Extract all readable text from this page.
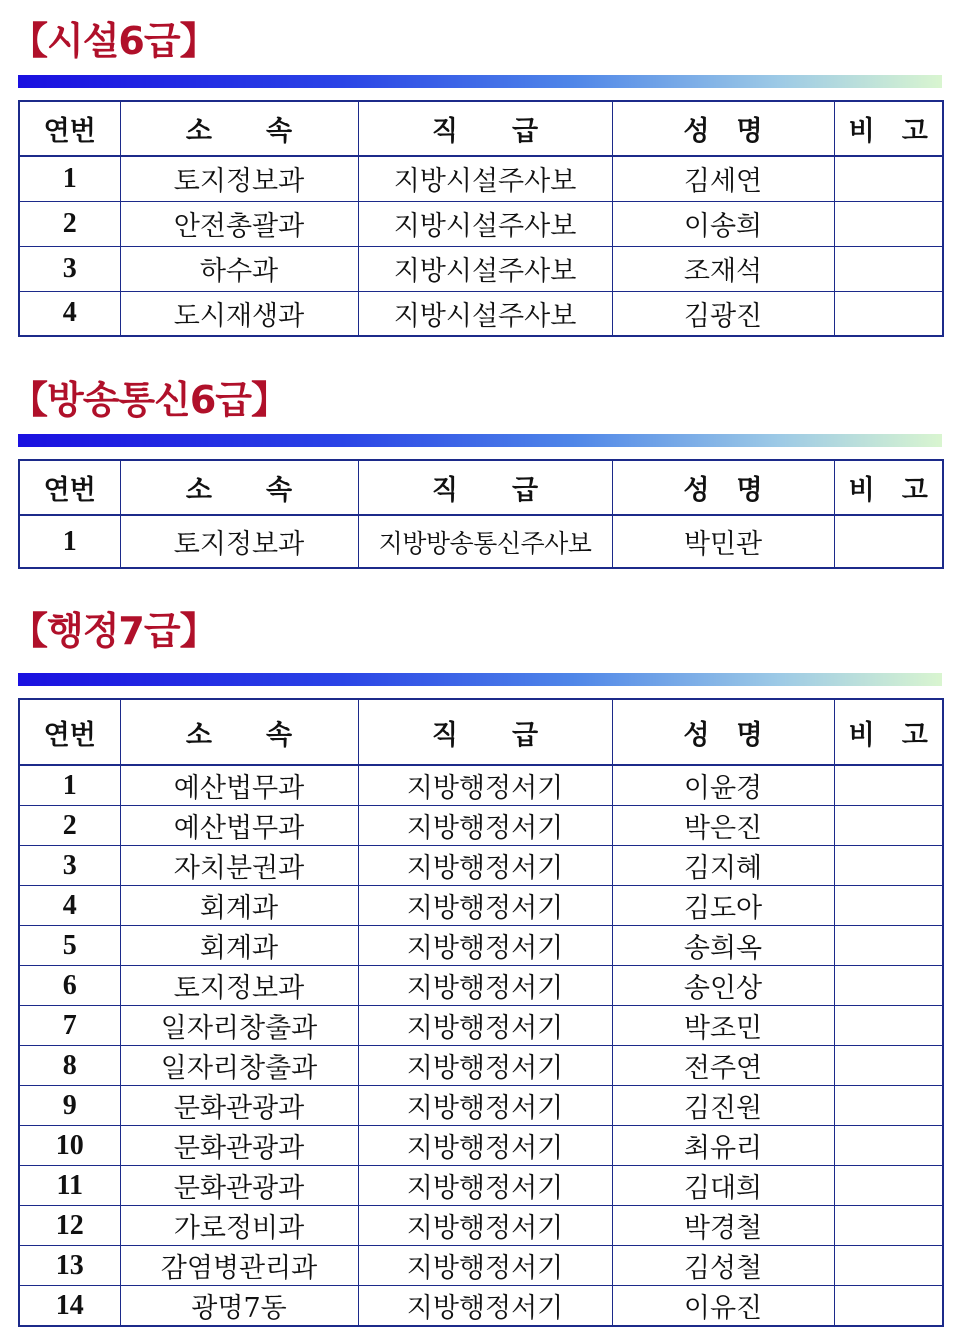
【시설6급】
연번	소　　속	직　　급	성　명	비　고
1	토지정보과	지방시설주사보	김세연	
2	안전총괄과	지방시설주사보	이송희	
3	하수과	지방시설주사보	조재석	
4	도시재생과	지방시설주사보	김광진	
【방송통신6급】
연번	소　　속	직　　급	성　명	비　고
1	토지정보과	지방방송통신주사보	박민관	
【행정7급】
연번	소　　속	직　　급	성　명	비　고
1	예산법무과	지방행정서기	이윤경	
2	예산법무과	지방행정서기	박은진	
3	자치분권과	지방행정서기	김지혜	
4	회계과	지방행정서기	김도아	
5	회계과	지방행정서기	송희옥	
6	토지정보과	지방행정서기	송인상	
7	일자리창출과	지방행정서기	박조민	
8	일자리창출과	지방행정서기	전주연	
9	문화관광과	지방행정서기	김진원	
10	문화관광과	지방행정서기	최유리	
11	문화관광과	지방행정서기	김대희	
12	가로정비과	지방행정서기	박경철	
13	감염병관리과	지방행정서기	김성철	
14	광명7동	지방행정서기	이유진	
